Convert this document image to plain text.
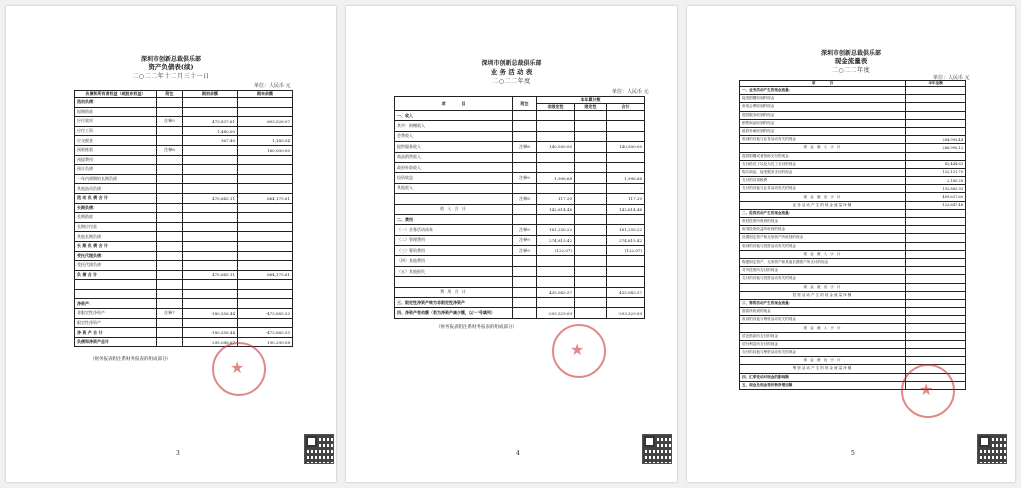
深圳市创新总裁俱乐部
资产负债表(续)
二○二二年十二月三十一日
单位：人民币 元
负债和所有者权益（或股东权益）	附注	期初余额	期末余额
流动负债：			
短期借款			
应付款项	注释5	473,837.61	603,026.07
应付工资		1,440.00	
应交税金		367.40	1,149.54
预收账款	注释6		160,000.00
预提费用			
预计负债			
一年内到期的长期负债			
其他流动负债			
流 动 负 债 合 计		475,645.11	664,175.61
长期负债：			
长期借款			
长期应付款			
其他长期负债			
长 期 负 债 合 计			
受托代理负债：			
受托代理负债			
负 债 合 计		475,645.11	664,175.61

净资产：			
非限定性净资产	注释7	-180,556.44	-473,885.53
限定性净资产			
净 资 产 合 计		-180,556.44	-473,885.53
负债和净资产总计		295,088.67	190,290.08
（财务报表附注系财务报表的组成部分）	★
3
深圳市创新总裁俱乐部
业 务 活 动 表
二○二二年度
单位：人民币 元
项　　　　目	附注	本年累计数		
		非限定性	限定性	合计
一、收入				
其中：捐赠收入				
会费收入				
提供服务收入	注释8	140,500.00		140,500.00
商品销售收入				
政府补助收入				
投资收益	注释9	1,996.68		1,996.68
其他收入				-
	注释8	117.20		117.20
收 入 合 计		142,614.48		142,614.48
二、费用				
（一）业务活动成本	注释9	161,250.22		161,250.22
（二）管理费用	注释9	274,815.42		274,815.42
（三）筹资费用	注释9	(122.07)		(122.07)
（四）其他费用				
（五）其他损失				

费 用 合 计		435,943.57		435,943.57
三、限定性净资产转为非限定性净资产				
四、净资产变动额（若为净资产减少额，以"-"号填列）		-293,329.09		-293,329.09
（财务报表附注系财务报表的组成部分）
★
4
深圳市创新总裁俱乐部
现金流量表
二○二二年度
单位：人民币 元
项　　　　目	本年金额
一、业务活动产生的现金流量：	
接受捐赠收到的现金	
收取会费收到的现金	
提供服务收到的现金	
销售商品收到的现金	
政府补助收到的现金	
收到的其他与业务活动有关的现金	284,993.44
现 金 流 入 小 计	286,990.12
提供捐赠或者资助支付的现金	
支付给员工以及为员工支付的现金	82,444.63
购买商品、接受服务支付的现金	132,121.70
支付的各项税费	2,185.28
支付的其他与业务活动有关的现金	192,885.92
现 金 流 出 小 计	409,637.60
业务活动产生的现金流量净额	-122,647.48
二、投资活动产生的现金流量：	
收回投资所收到的现金	
取得投资收益所收到的现金	
处置固定资产和无形资产所收回的现金	
收到的其他与投资活动有关的现金	
现 金 流 入 小 计	
购建固定资产、无形资产和其他长期资产所支付的现金	
对外投资所支付的现金	
支付的其他与投资活动有关的现金	
现 金 流 出 小 计	
投资活动产生的现金流量净额	
三、筹资活动产生的现金流量：	
借款所收到的现金	
收到的其他与筹资活动有关的现金	
现 金 流 入 小 计	
偿还借款所支付的现金	
偿付利息所支付的现金	
支付的其他与筹资活动有关的现金	
现 金 流 出 小 计	
筹资活动产生的现金流量净额	
四、汇率变动对现金的影响额	
五、现金及现金等价物净增加额		★
5
